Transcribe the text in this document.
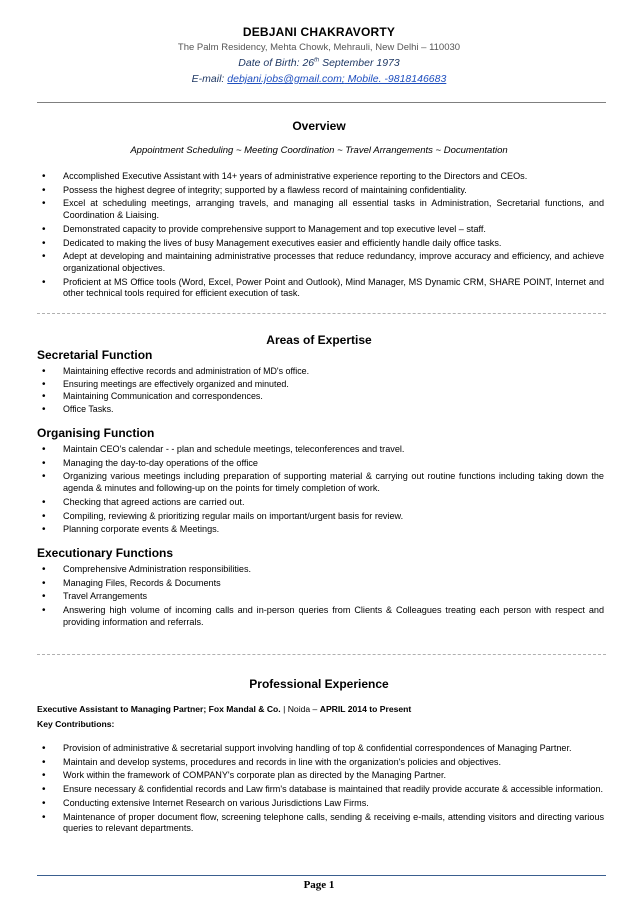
DEBJANI CHAKRAVORTY
The Palm Residency, Mehta Chowk, Mehrauli, New Delhi – 110030
Date of Birth: 26th September 1973
E-mail: debjani.jobs@gmail.com; Mobile. -9818146683
Overview
Appointment Scheduling ~ Meeting Coordination ~ Travel Arrangements ~ Documentation
• Accomplished Executive Assistant with 14+ years of administrative experience reporting to the Directors and CEOs.
• Possess the highest degree of integrity; supported by a flawless record of maintaining confidentiality.
• Excel at scheduling meetings, arranging travels, and managing all essential tasks in Administration, Secretarial functions, and Coordination & Liaising.
• Demonstrated capacity to provide comprehensive support to Management and top executive level – staff.
• Dedicated to making the lives of busy Management executives easier and efficiently handle daily office tasks.
• Adept at developing and maintaining administrative processes that reduce redundancy, improve accuracy and efficiency, and achieve organizational objectives.
• Proficient at MS Office tools (Word, Excel, Power Point and Outlook), Mind Manager, MS Dynamic CRM, SHARE POINT, Internet and other technical tools required for efficient execution of task.
Areas of Expertise
Secretarial Function
• Maintaining effective records and administration of MD's office.
• Ensuring meetings are effectively organized and minuted.
• Maintaining Communication and correspondences.
• Office Tasks.
Organising Function
• Maintain CEO's calendar - - plan and schedule meetings, teleconferences and travel.
• Managing the day-to-day operations of the office
• Organizing various meetings including preparation of supporting material & carrying out routine functions including taking down the agenda & minutes and following-up on the points for timely completion of work.
• Checking that agreed actions are carried out.
• Compiling, reviewing & prioritizing regular mails on important/urgent basis for review.
• Planning corporate events & Meetings.
Executionary Functions
• Comprehensive Administration responsibilities.
• Managing Files, Records & Documents
• Travel Arrangements
• Answering high volume of incoming calls and in-person queries from Clients & Colleagues treating each person with respect and providing information and referrals.
Professional Experience
Executive Assistant to Managing Partner; Fox Mandal & Co. | Noida – APRIL 2014 to Present
Key Contributions:
• Provision of administrative & secretarial support involving handling of top & confidential correspondences of Managing Partner.
• Maintain and develop systems, procedures and records in line with the organization's policies and objectives.
• Work within the framework of COMPANY's corporate plan as directed by the Managing Partner.
• Ensure necessary & confidential records and Law firm's database is maintained that readily provide accurate & accessible information.
• Conducting extensive Internet Research on various Jurisdictions Law Firms.
• Maintenance of proper document flow, screening telephone calls, sending & receiving e-mails, attending visitors and directing various queries to relevant departments.
Page 1
